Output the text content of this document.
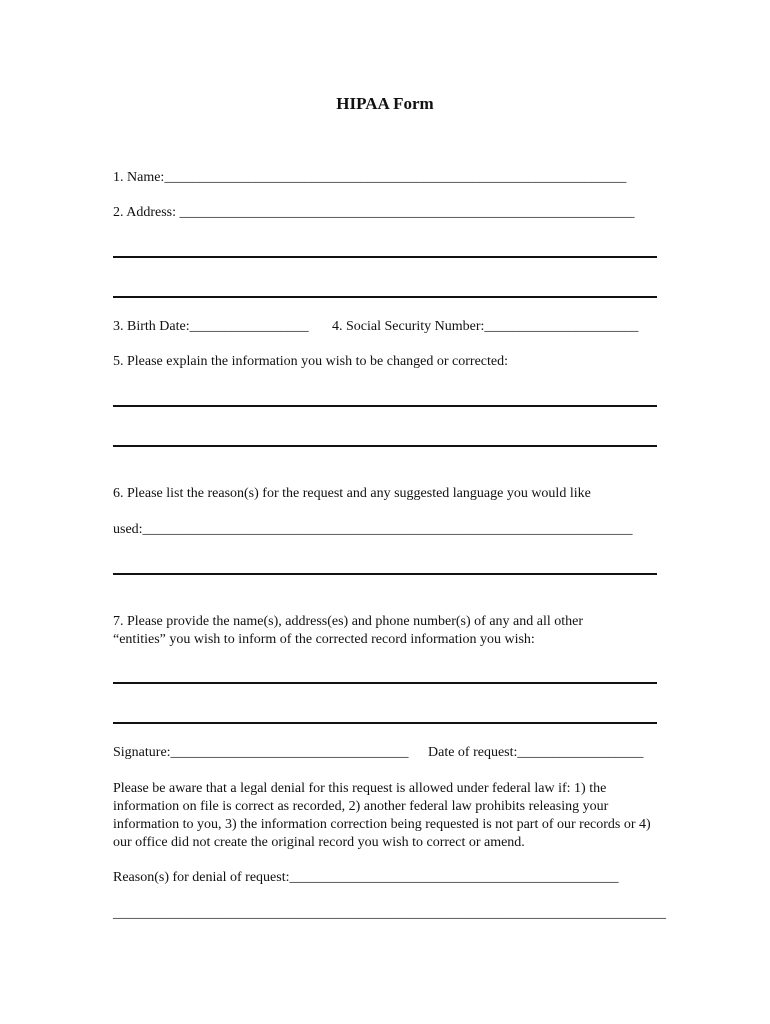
HIPAA Form
1. Name:__________________________________________________________________
2. Address: _________________________________________________________________
3. Birth Date:_________________ 4. Social Security Number:______________________
5. Please explain the information you wish to be changed or corrected:
6. Please list the reason(s) for the request and any suggested language you would like
used:______________________________________________________________________
7. Please provide the name(s), address(es) and phone number(s) of any and all other
“entities” you wish to inform of the corrected record information you wish:
Signature:__________________________________ Date of request:__________________
Please be aware that a legal denial for this request is allowed under federal law if: 1) the information on file is correct as recorded, 2) another federal law prohibits releasing your information to you, 3) the information correction being requested is not part of our records or 4) our office did not create the original record you wish to correct or amend.
Reason(s) for denial of request:_______________________________________________
_______________________________________________________________________________
